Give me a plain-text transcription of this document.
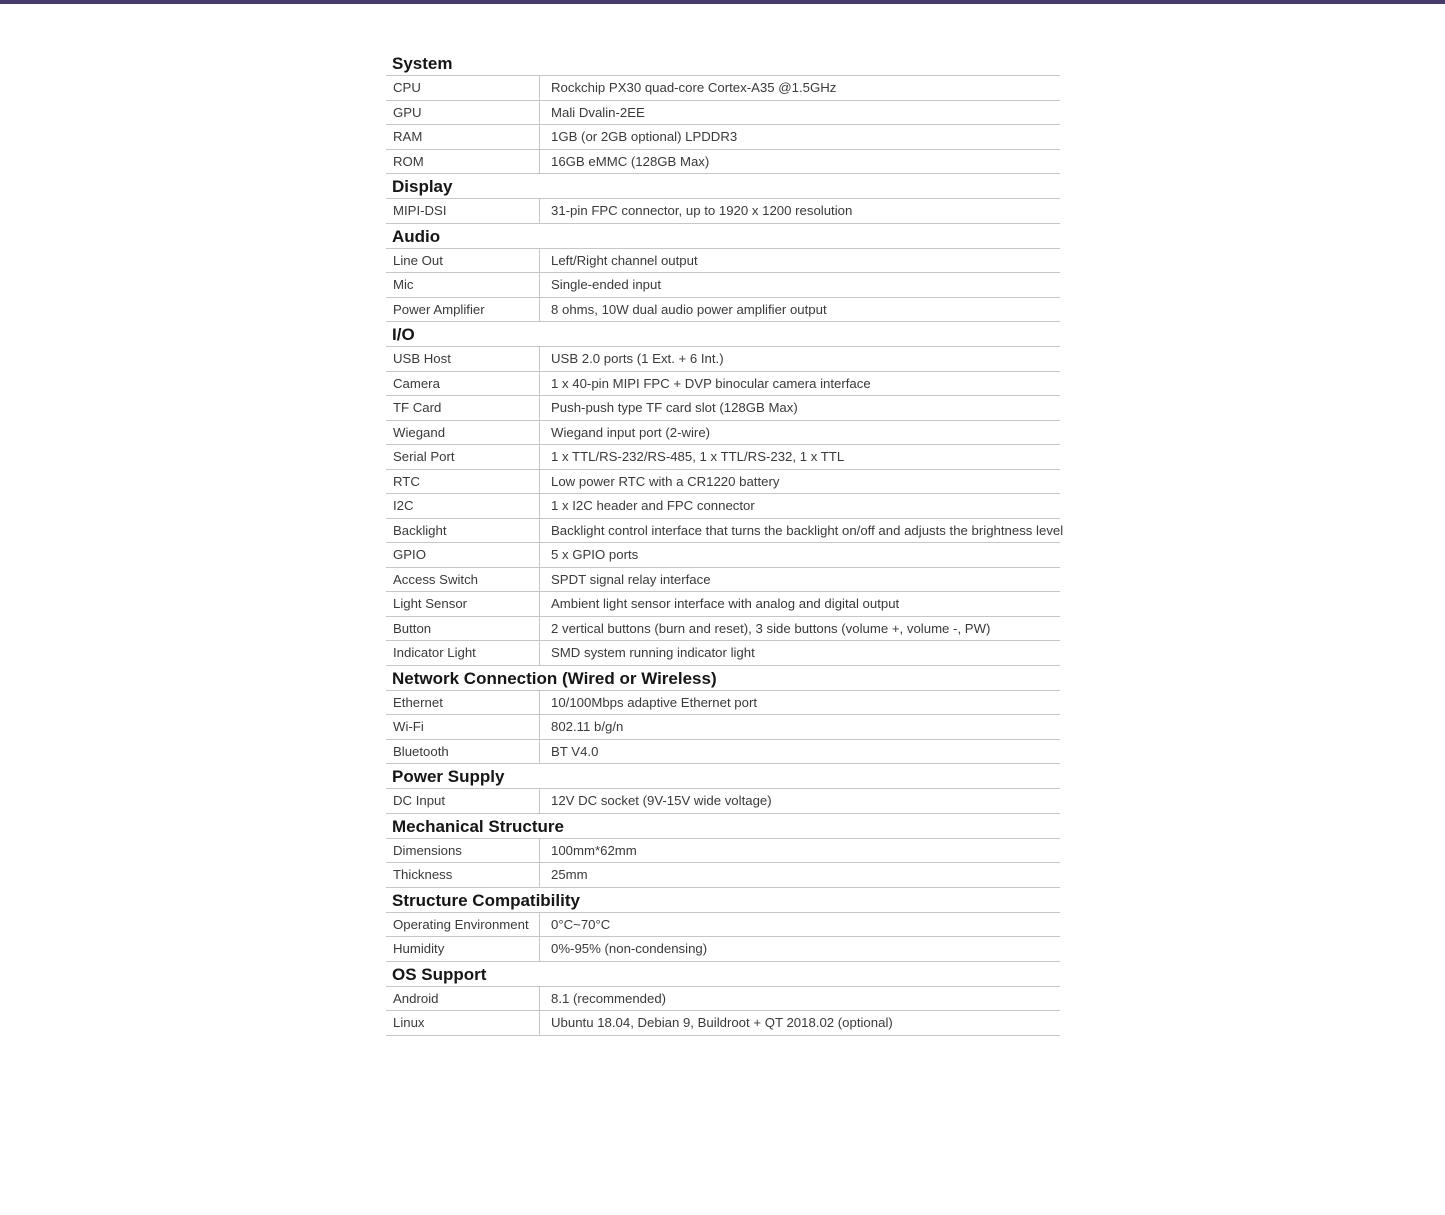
System
CPU	Rockchip PX30 quad-core Cortex-A35 @1.5GHz
GPU	Mali Dvalin-2EE
RAM	1GB (or 2GB optional) LPDDR3
ROM	16GB eMMC (128GB Max)
Display
MIPI-DSI	31-pin FPC connector, up to 1920 x 1200 resolution
Audio
Line Out	Left/Right channel output
Mic	Single-ended input
Power Amplifier	8 ohms, 10W dual audio power amplifier output
I/O
USB Host	USB 2.0 ports (1 Ext. + 6 Int.)
Camera	1 x 40-pin MIPI FPC + DVP binocular camera interface
TF Card	Push-push type TF card slot (128GB Max)
Wiegand	Wiegand input port (2-wire)
Serial Port	1 x TTL/RS-232/RS-485, 1 x TTL/RS-232, 1 x TTL
RTC	Low power RTC with a CR1220 battery
I2C	1 x I2C header and FPC connector
Backlight	Backlight control interface that turns the backlight on/off and adjusts the brightness level
GPIO	5 x GPIO ports
Access Switch	SPDT signal relay interface
Light Sensor	Ambient light sensor interface with analog and digital output
Button	2 vertical buttons (burn and reset), 3 side buttons (volume +, volume -, PW)
Indicator Light	SMD system running indicator light
Network Connection (Wired or Wireless)
Ethernet	10/100Mbps adaptive Ethernet port
Wi-Fi	802.11 b/g/n
Bluetooth	BT V4.0
Power Supply
DC Input	12V DC socket (9V-15V wide voltage)
Mechanical Structure
Dimensions	100mm*62mm
Thickness	25mm
Structure Compatibility
Operating Environment	0°C~70°C
Humidity	0%-95% (non-condensing)
OS Support
Android	8.1 (recommended)
Linux	Ubuntu 18.04, Debian 9, Buildroot + QT 2018.02 (optional)
